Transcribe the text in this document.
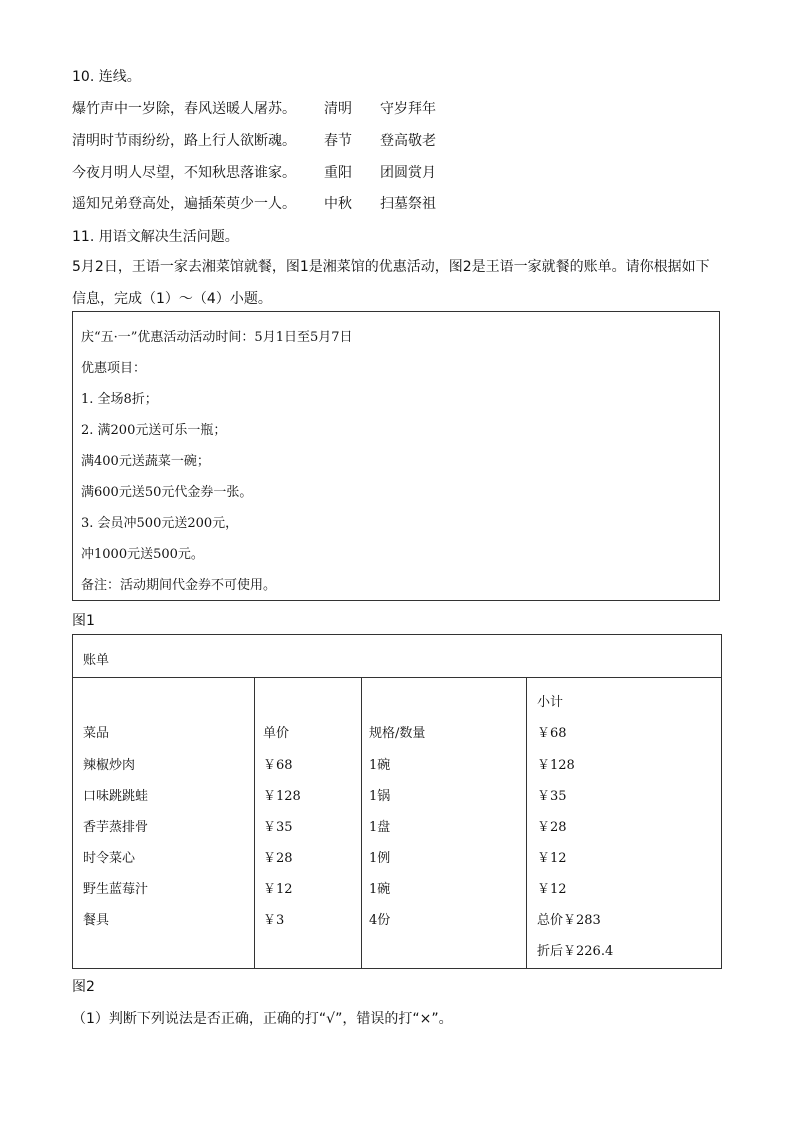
10. 连线。
爆竹声中一岁除，春风送暖人屠苏。 清明 守岁拜年
清明时节雨纷纷，路上行人欲断魂。 春节 登高敬老
今夜月明人尽望，不知秋思落谁家。 重阳 团圆赏月
遥知兄弟登高处，遍插茱萸少一人。 中秋 扫墓祭祖
11. 用语文解决生活问题。
5月2日，王语一家去湘菜馆就餐，图1是湘菜馆的优惠活动，图2是王语一家就餐的账单。请你根据如下
信息，完成（1）～（4）小题。
庆“五·一”优惠活动活动时间：5月1日至5月7日
优惠项目：
1. 全场8折；
2. 满200元送可乐一瓶；
满400元送蔬菜一碗；
满600元送50元代金券一张。
3. 会员冲500元送200元，
冲1000元送500元。
备注：活动期间代金券不可使用。
图1
账单
菜品
辣椒炒肉
口味跳跳蛙
香芋蒸排骨
时令菜心
野生蓝莓汁
餐具
单价
￥68
￥128
￥35
￥28
￥12
￥3
规格/数量
1碗
1锅
1盘
1例
1碗
4份
小计
￥68
￥128
￥35
￥28
￥12
￥12
总价￥283
折后￥226.4
图2
（1）判断下列说法是否正确，正确的打“√”，错误的打“×”。
